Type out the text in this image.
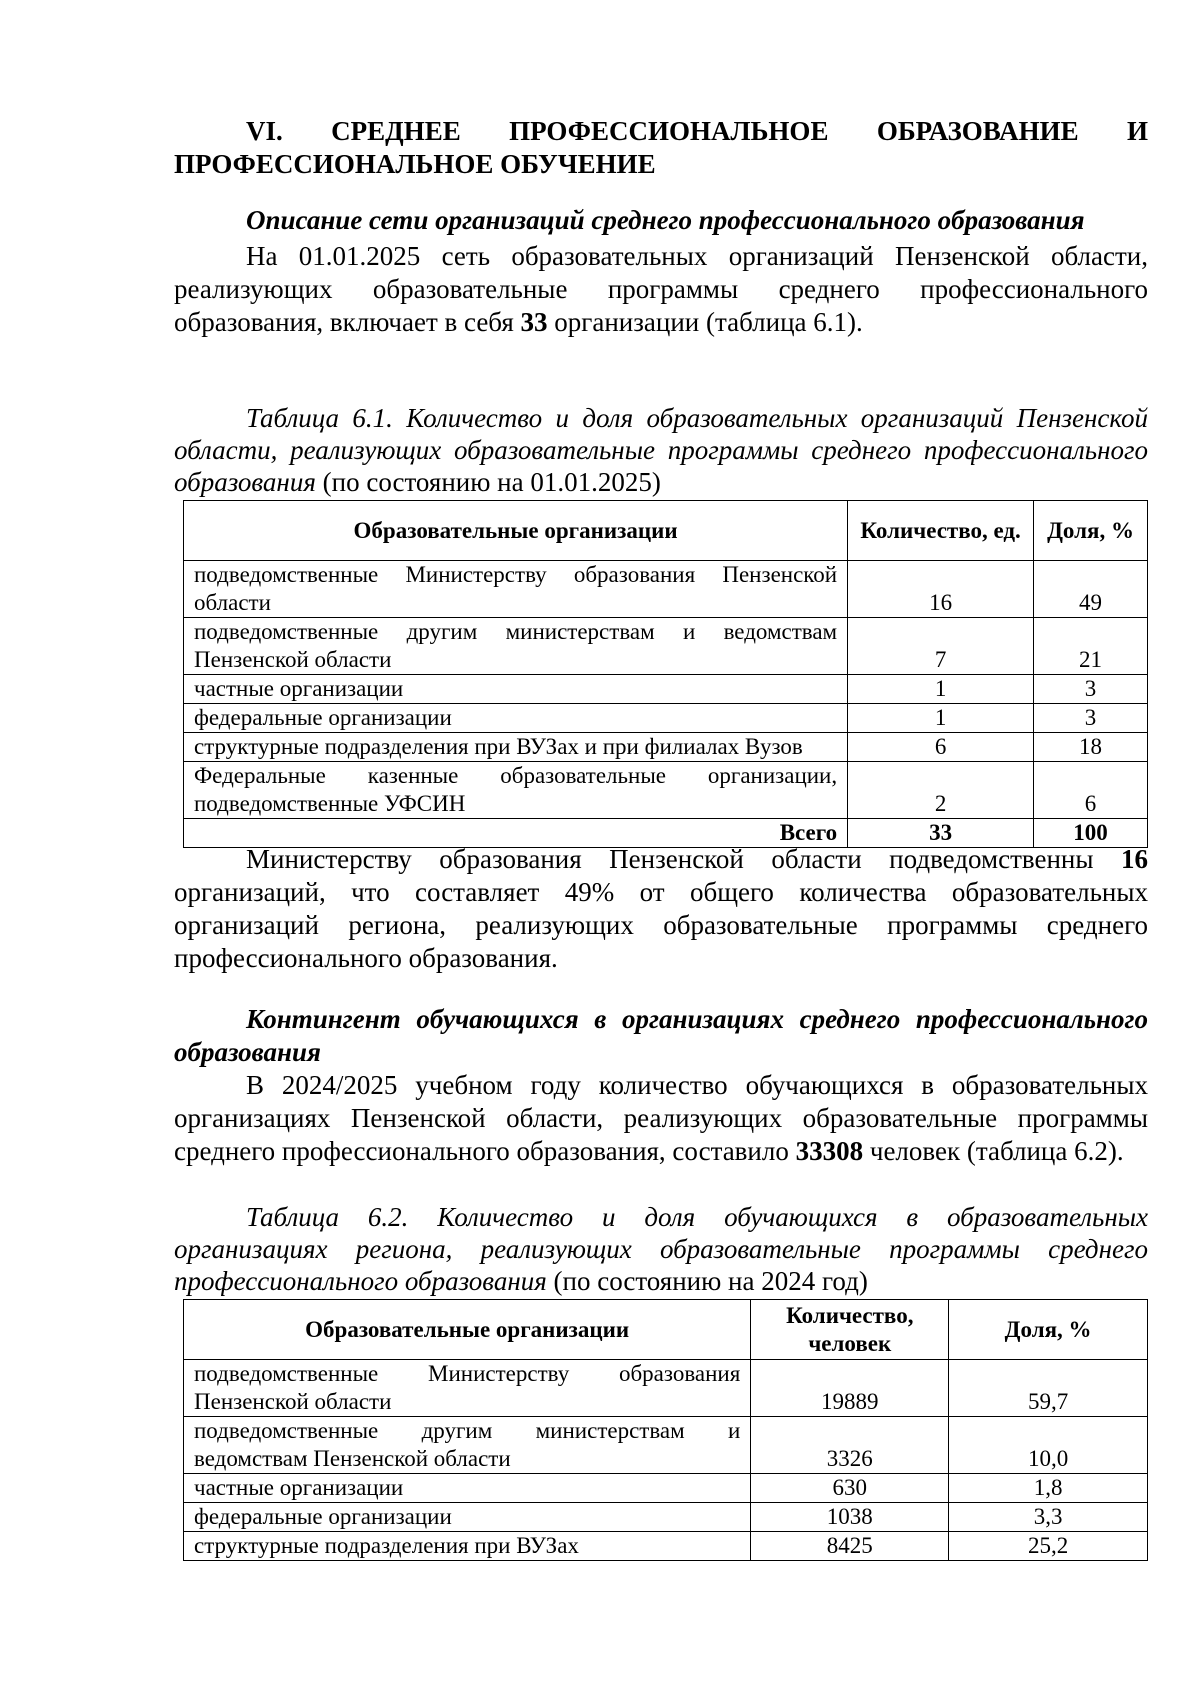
VI. СРЕДНЕЕ ПРОФЕССИОНАЛЬНОЕ ОБРАЗОВАНИЕ И
ПРОФЕССИОНАЛЬНОЕ ОБУЧЕНИЕ

Описание сети организаций среднего профессионального образования

На 01.01.2025 сеть образовательных организаций Пензенской области, реализующих образовательные программы среднего профессионального образования, включает в себя 33 организации (таблица 6.1).

Таблица 6.1. Количество и доля образовательных организаций Пензенской области, реализующих образовательные программы среднего профессионального образования (по состоянию на 01.01.2025)

Образовательные организации	Количество, ед.	Доля, %
подведомственные Министерству образования Пензенской области	16	49
подведомственные другим министерствам и ведомствам Пензенской области	7	21
частные организации	1	3
федеральные организации	1	3
структурные подразделения при ВУЗах и при филиалах Вузов	6	18
Федеральные казенные образовательные организации, подведомственные УФСИН	2	6
Всего	33	100

Министерству образования Пензенской области подведомственны 16 организаций, что составляет 49% от общего количества образовательных организаций региона, реализующих образовательные программы среднего профессионального образования.

Контингент обучающихся в организациях среднего профессионального образования

В 2024/2025 учебном году количество обучающихся в образовательных организациях Пензенской области, реализующих образовательные программы среднего профессионального образования, составило 33308 человек (таблица 6.2).

Таблица 6.2. Количество и доля обучающихся в образовательных организациях региона, реализующих образовательные программы среднего профессионального образования (по состоянию на 2024 год)

Образовательные организации	Количество, человек	Доля, %
подведомственные Министерству образования Пензенской области	19889	59,7
подведомственные другим министерствам и ведомствам Пензенской области	3326	10,0
частные организации	630	1,8
федеральные организации	1038	3,3
структурные подразделения при ВУЗах	8425	25,2
